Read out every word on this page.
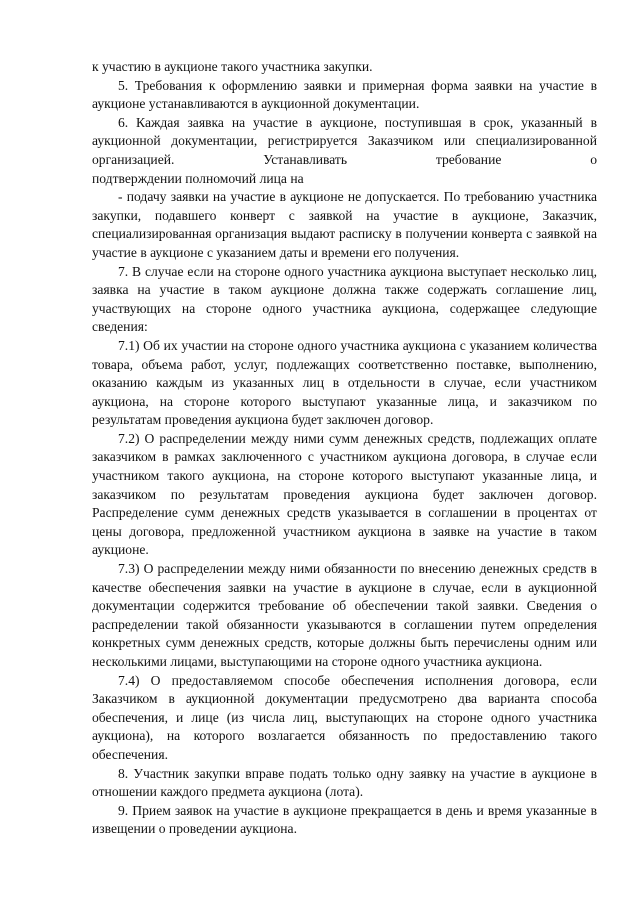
к участию в аукционе такого участника закупки.

5. Требования к оформлению заявки и примерная форма заявки на участие в аукционе устанавливаются в аукционной документации.

6. Каждая заявка на участие в аукционе, поступившая в срок, указанный в аукционной документации, регистрируется Заказчиком или специализированной организацией. Устанавливать требование о

подтверждении полномочий лица на

- подачу заявки на участие в аукционе не допускается. По требованию участника закупки, подавшего конверт с заявкой на участие в аукционе, Заказчик, специализированная организация выдают расписку в получении конверта с заявкой на участие в аукционе с указанием даты и времени его получения.

7. В случае если на стороне одного участника аукциона выступает несколько лиц, заявка на участие в таком аукционе должна также содержать соглашение лиц, участвующих на стороне одного участника аукциона, содержащее следующие сведения:

7.1) Об их участии на стороне одного участника аукциона с указанием количества товара, объема работ, услуг, подлежащих соответственно поставке, выполнению, оказанию каждым из указанных лиц в отдельности в случае, если участником аукциона, на стороне которого выступают указанные лица, и заказчиком по результатам проведения аукциона будет заключен договор.

7.2) О распределении между ними сумм денежных средств, подлежащих оплате заказчиком в рамках заключенного с участником аукциона договора, в случае если участником такого аукциона, на стороне которого выступают указанные лица, и заказчиком по результатам проведения аукциона будет заключен договор. Распределение сумм денежных средств указывается в соглашении в процентах от цены договора, предложенной участником аукциона в заявке на участие в таком аукционе.

7.3) О распределении между ними обязанности по внесению денежных средств в качестве обеспечения заявки на участие в аукционе в случае, если в аукционной документации содержится требование об обеспечении такой заявки. Сведения о распределении такой обязанности указываются в соглашении путем определения конкретных сумм денежных средств, которые должны быть перечислены одним или несколькими лицами, выступающими на стороне одного участника аукциона.

7.4) О предоставляемом способе обеспечения исполнения договора, если Заказчиком в аукционной документации предусмотрено два варианта способа обеспечения, и лице (из числа лиц, выступающих на стороне одного участника аукциона), на которого возлагается обязанность по предоставлению такого обеспечения.

8. Участник закупки вправе подать только одну заявку на участие в аукционе в отношении каждого предмета аукциона (лота).

9. Прием заявок на участие в аукционе прекращается в день и время указанные в извещении о проведении аукциона.
